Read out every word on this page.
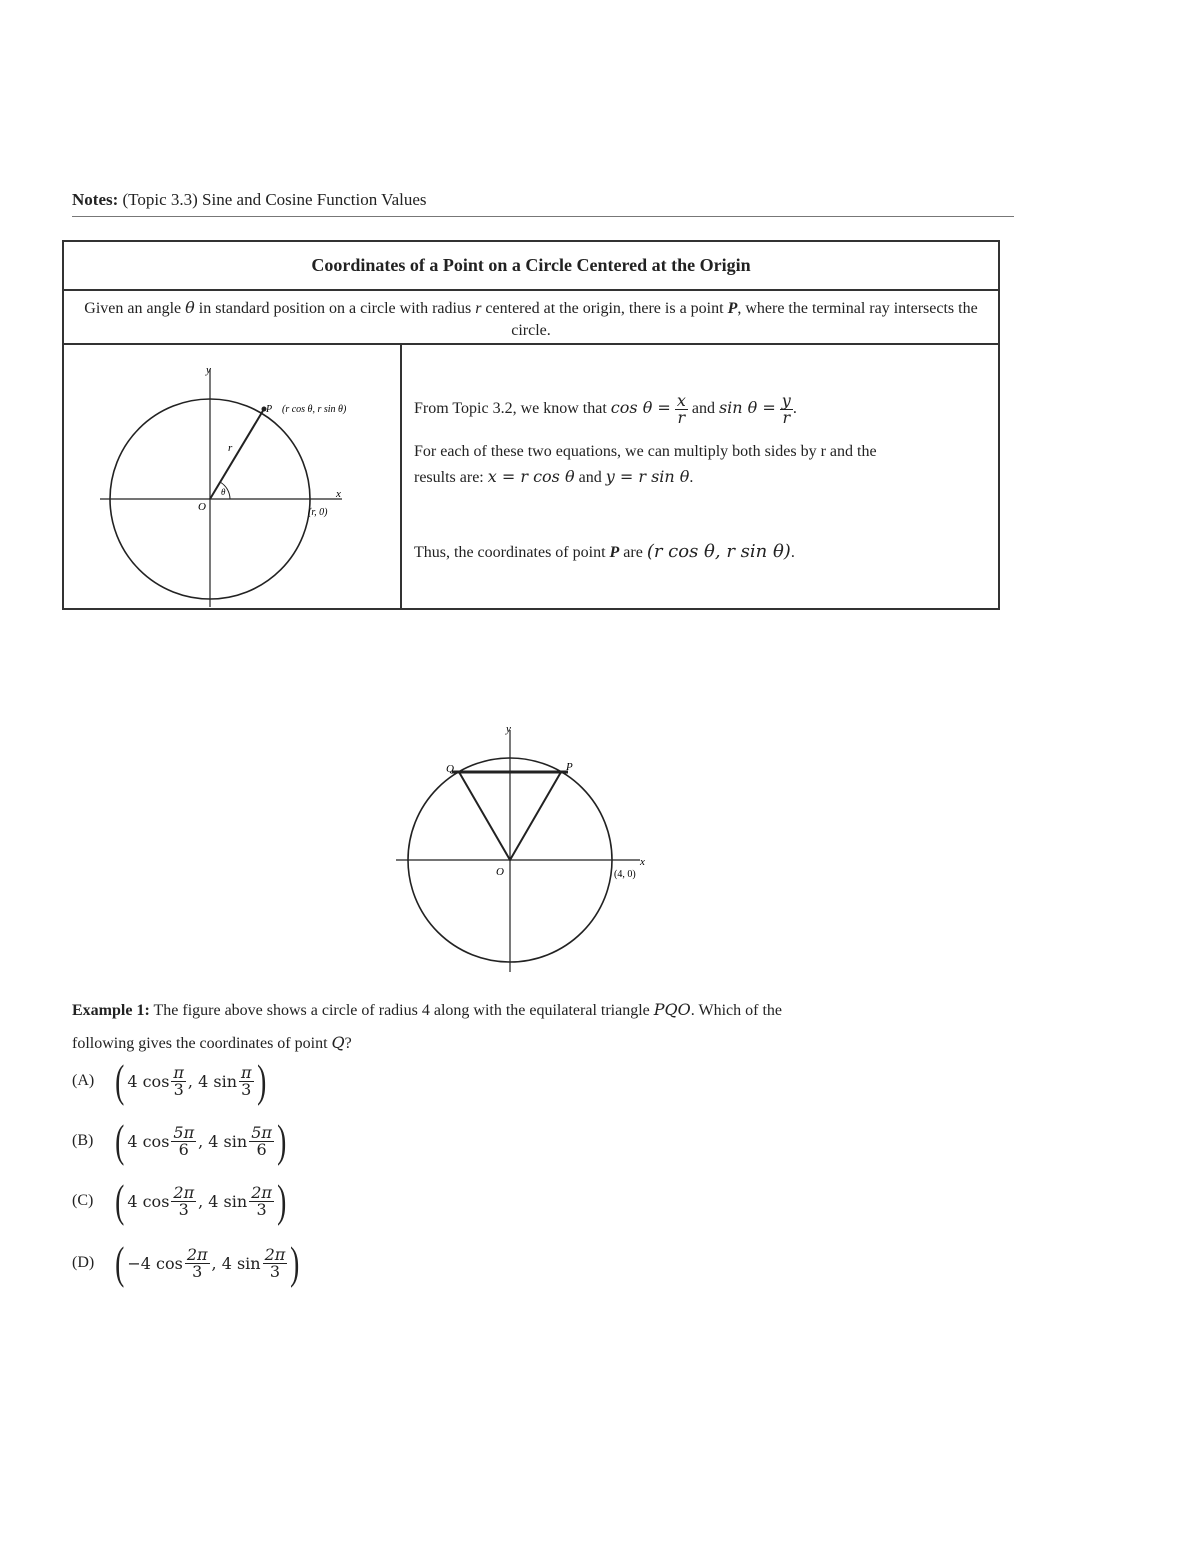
Notes: (Topic 3.3) Sine and Cosine Function Values
Coordinates of a Point on a Circle Centered at the Origin
Given an angle θ in standard position on a circle with radius r centered at the origin, there is a point P, where the terminal ray intersects the circle.
y
x
O
r
θ
P (r cos θ, r sin θ)
(r, 0)
From Topic 3.2, we know that $\cos \theta = \frac{x}{r}$ and $\sin \theta = \frac{y}{r}$ .
For each of these two equations, we can multiply both sides by r and the
results are: x = r cos θ and y = r sin θ.
Thus, the coordinates of point P are (r cos θ, r sin θ).
y
x
O
Q	P
(4, 0)
Example 1: The figure above shows a circle of radius 4 along with the equilateral triangle PQO. Which of the
following gives the coordinates of point Q?
(A) ( 4 $\cos \frac{\pi}{3}$ , 4 $\sin \frac{\pi}{3}$ )
(B) ( 4 $\cos \frac{5\pi}{6}$ , 4 $\sin \frac{5\pi}{6}$ )
(C) ( 4 $\cos \frac{2\pi}{3}$ , 4 $\sin \frac{2\pi}{3}$ )
(D) ( −4 $\cos \frac{2\pi}{3}$ , 4 $\sin \frac{2\pi}{3}$ )
